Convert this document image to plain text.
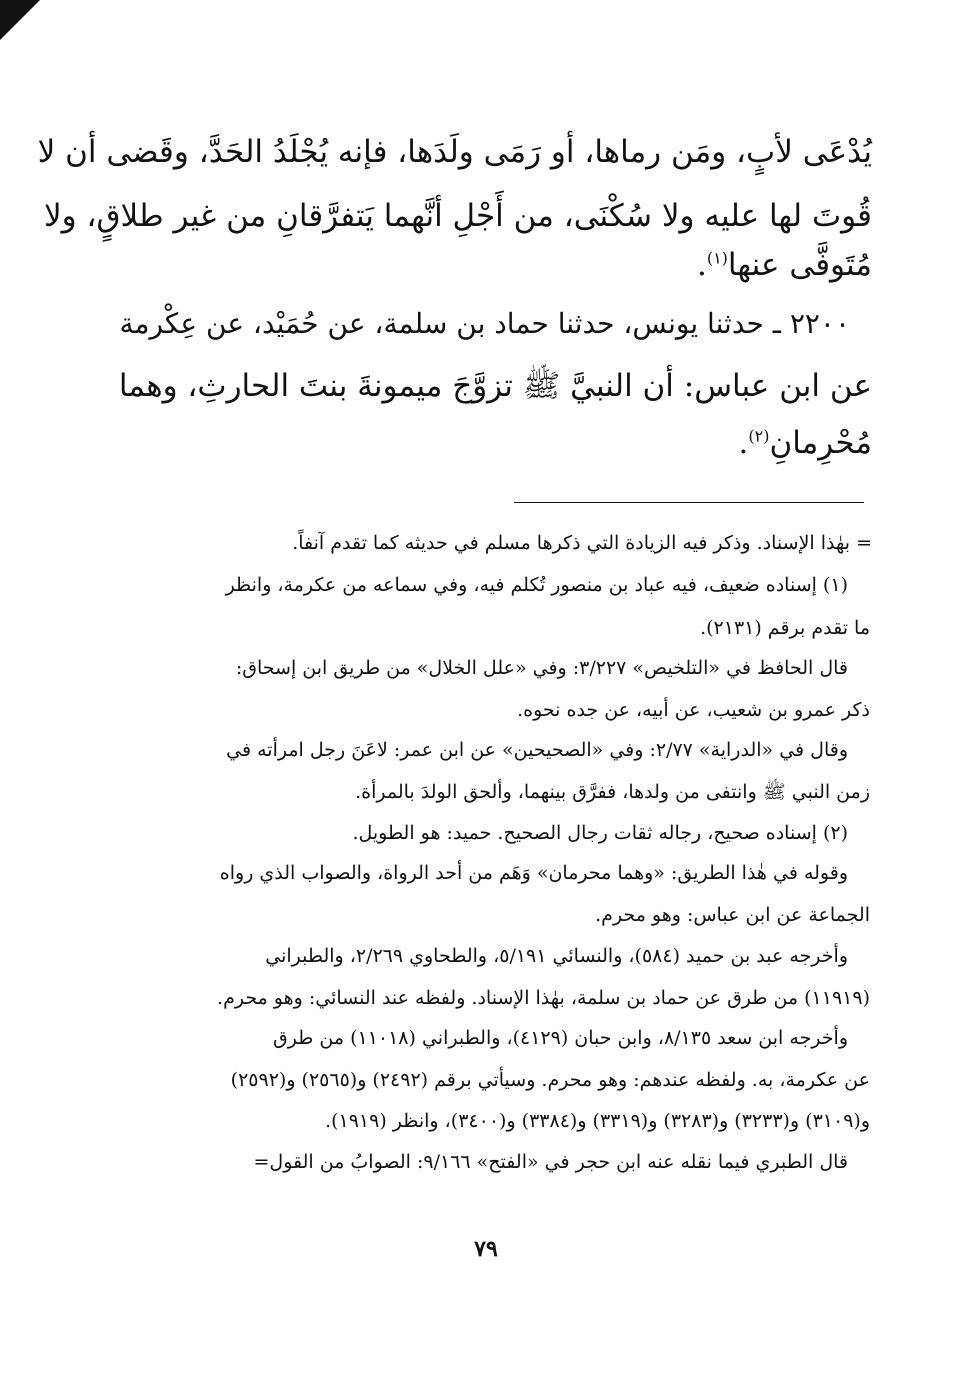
يُدْعَى لأبٍ، ومَن رماها، أو رَمَى ولَدَها، فإنه يُجْلَدُ الحَدَّ، وقَضى أن لا
قُوتَ لها عليه ولا سُكْنَى، من أَجْلِ أنَّهما يَتفرَّقانِ من غير طلاقٍ، ولا
مُتَوفَّى عنها$^{(١)}$.
٢٢٠٠ ـ حدثنا يونس، حدثنا حماد بن سلمة، عن حُمَيْد، عن عِكْرمة
عن ابن عباس: أن النبيَّ ﷺ تزوَّجَ ميمونةَ بنتَ الحارثِ، وهما
مُحْرِمانِ$^{(٢)}$.
= بهٰذا الإسناد. وذكر فيه الزيادة التي ذكرها مسلم في حديثه كما تقدم آنفاً.
(١) إسناده ضعيف، فيه عباد بن منصور تُكلم فيه، وفي سماعه من عكرمة، وانظر
ما تقدم برقم (٢١٣١).
قال الحافظ في «التلخيص» ٣/٢٢٧: وفي «علل الخلال» من طريق ابن إسحاق:
ذكر عمرو بن شعيب، عن أبيه، عن جده نحوه.
وقال في «الدراية» ٢/٧٧: وفي «الصحيحين» عن ابن عمر: لاعَنَ رجل امرأته في
زمن النبي ﷺ وانتفى من ولدها، ففرَّق بينهما، وألحق الولدَ بالمرأة.
(٢) إسناده صحيح، رجاله ثقات رجال الصحيح. حميد: هو الطويل.
وقوله في هٰذا الطريق: «وهما محرمان» وَهَم من أحد الرواة، والصواب الذي رواه
الجماعة عن ابن عباس: وهو محرم.
وأخرجه عبد بن حميد (٥٨٤)، والنسائي ٥/١٩١، والطحاوي ٢/٢٦٩، والطبراني
(١١٩١٩) من طرق عن حماد بن سلمة، بهٰذا الإسناد. ولفظه عند النسائي: وهو محرم.
وأخرجه ابن سعد ٨/١٣٥، وابن حبان (٤١٢٩)، والطبراني (١١٠١٨) من طرق
عن عكرمة، به. ولفظه عندهم: وهو محرم. وسيأتي برقم (٢٤٩٢) و(٢٥٦٥) و(٢٥٩٢)
و(٣١٠٩) و(٣٢٣٣) و(٣٢٨٣) و(٣٣١٩) و(٣٣٨٤) و(٣٤٠٠)، وانظر (١٩١٩).
قال الطبري فيما نقله عنه ابن حجر في «الفتح» ٩/١٦٦: الصوابُ من القول=
٧٩
